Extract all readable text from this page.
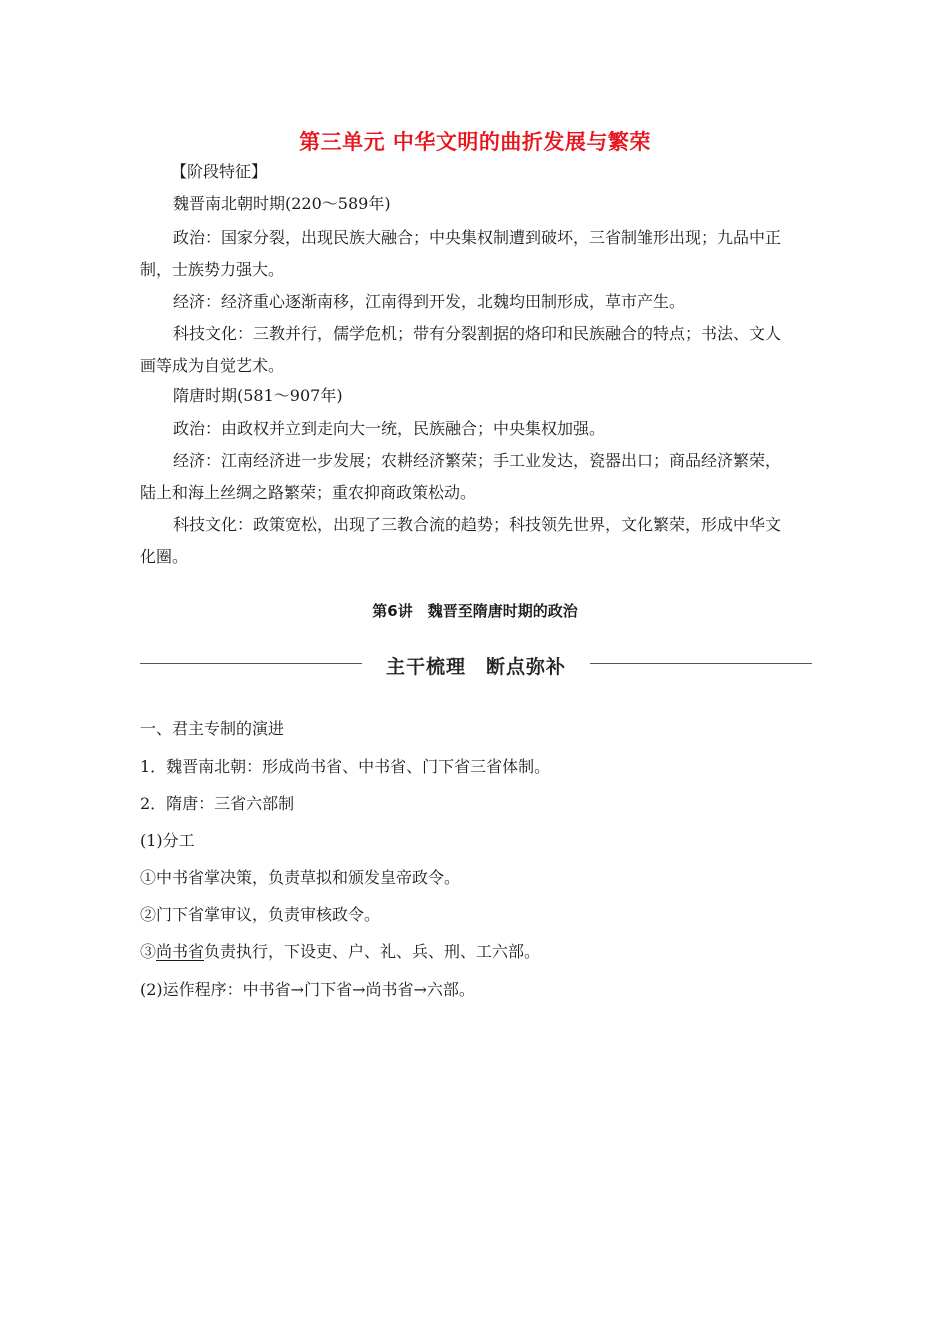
第三单元 中华文明的曲折发展与繁荣
【阶段特征】
魏晋南北朝时期(220～589年)
政治：国家分裂，出现民族大融合；中央集权制遭到破坏，三省制雏形出现；九品中正
制，士族势力强大。
经济：经济重心逐渐南移，江南得到开发，北魏均田制形成，草市产生。
科技文化：三教并行，儒学危机；带有分裂割据的烙印和民族融合的特点；书法、文人
画等成为自觉艺术。
隋唐时期(581～907年)
政治：由政权并立到走向大一统，民族融合；中央集权加强。
经济：江南经济进一步发展；农耕经济繁荣；手工业发达，瓷器出口；商品经济繁荣，
陆上和海上丝绸之路繁荣；重农抑商政策松动。
科技文化：政策宽松，出现了三教合流的趋势；科技领先世界，文化繁荣，形成中华文
化圈。
第6讲　魏晋至隋唐时期的政治
主干梳理　断点弥补
一、君主专制的演进
1．魏晋南北朝：形成尚书省、中书省、门下省三省体制。
2．隋唐：三省六部制
(1)分工
①中书省掌决策，负责草拟和颁发皇帝政令。
②门下省掌审议，负责审核政令。
③尚书省负责执行，下设吏、户、礼、兵、刑、工六部。
(2)运作程序：中书省→门下省→尚书省→六部。
